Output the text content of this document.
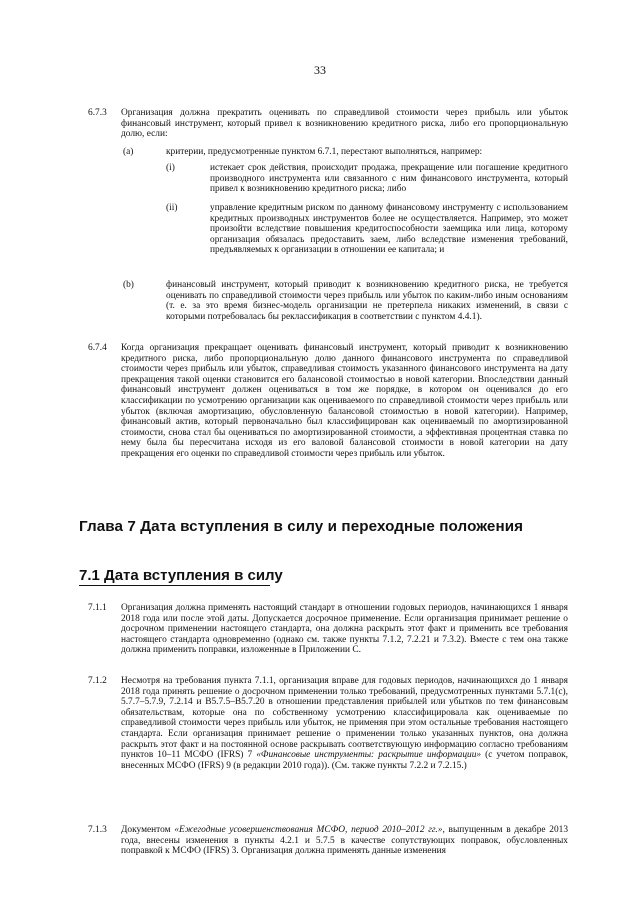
33
6.7.3 Организация должна прекратить оценивать по справедливой стоимости через прибыль или убыток финансовый инструмент, который привел к возникновению кредитного риска, либо его пропорциональную долю, если:
(a)	критерии, предусмотренные пунктом 6.7.1, перестают выполняться, например:
(i)	истекает срок действия, происходит продажа, прекращение или погашение кредитного производного инструмента или связанного с ним финансового инструмента, который привел к возникновению кредитного риска; либо
(ii)	управление кредитным риском по данному финансовому инструменту с использованием кредитных производных инструментов более не осуществляется. Например, это может произойти вследствие повышения кредитоспособности заемщика или лица, которому организация обязалась предоставить заем, либо вследствие изменения требований, предъявляемых к организации в отношении ее капитала; и
(b)	финансовый инструмент, который приводит к возникновению кредитного риска, не требуется оценивать по справедливой стоимости через прибыль или убыток по каким-либо иным основаниям (т. е. за это время бизнес-модель организации не претерпела никаких изменений, в связи с которыми потребовалась бы реклассификация в соответствии с пунктом 4.4.1).
6.7.4 Когда организация прекращает оценивать финансовый инструмент, который приводит к возникновению кредитного риска, либо пропорциональную долю данного финансового инструмента по справедливой стоимости через прибыль или убыток, справедливая стоимость указанного финансового инструмента на дату прекращения такой оценки становится его балансовой стоимостью в новой категории. Впоследствии данный финансовый инструмент должен оцениваться в том же порядке, в котором он оценивался до его классификации по усмотрению организации как оцениваемого по справедливой стоимости через прибыль или убыток (включая амортизацию, обусловленную балансовой стоимостью в новой категории). Например, финансовый актив, который первоначально был классифицирован как оцениваемый по амортизированной стоимости, снова стал бы оцениваться по амортизированной стоимости, а эффективная процентная ставка по нему была бы пересчитана исходя из его валовой балансовой стоимости в новой категории на дату прекращения его оценки по справедливой стоимости через прибыль или убыток.
Глава 7 Дата вступления в силу и переходные положения
7.1 Дата вступления в силу
7.1.1 Организация должна применять настоящий стандарт в отношении годовых периодов, начинающихся 1 января 2018 года или после этой даты. Допускается досрочное применение. Если организация принимает решение о досрочном применении настоящего стандарта, она должна раскрыть этот факт и применить все требования настоящего стандарта одновременно (однако см. также пункты 7.1.2, 7.2.21 и 7.3.2). Вместе с тем она также должна применить поправки, изложенные в Приложении C.
7.1.2 Несмотря на требования пункта 7.1.1, организация вправе для годовых периодов, начинающихся до 1 января 2018 года принять решение о досрочном применении только требований, предусмотренных пунктами 5.7.1(c), 5.7.7–5.7.9, 7.2.14 и B5.7.5–B5.7.20 в отношении представления прибылей или убытков по тем финансовым обязательствам, которые она по собственному усмотрению классифицировала как оцениваемые по справедливой стоимости через прибыль или убыток, не применяя при этом остальные требования настоящего стандарта. Если организация принимает решение о применении только указанных пунктов, она должна раскрыть этот факт и на постоянной основе раскрывать соответствующую информацию согласно требованиям пунктов 10–11 МСФО (IFRS) 7 «Финансовые инструменты: раскрытие информации» (с учетом поправок, внесенных МСФО (IFRS) 9 (в редакции 2010 года)). (См. также пункты 7.2.2 и 7.2.15.)
7.1.3 Документом «Ежегодные усовершенствования МСФО, период 2010–2012 гг.», выпущенным в декабре 2013 года, внесены изменения в пункты 4.2.1 и 5.7.5 в качестве сопутствующих поправок, обусловленных поправкой к МСФО (IFRS) 3. Организация должна применять данные изменения
